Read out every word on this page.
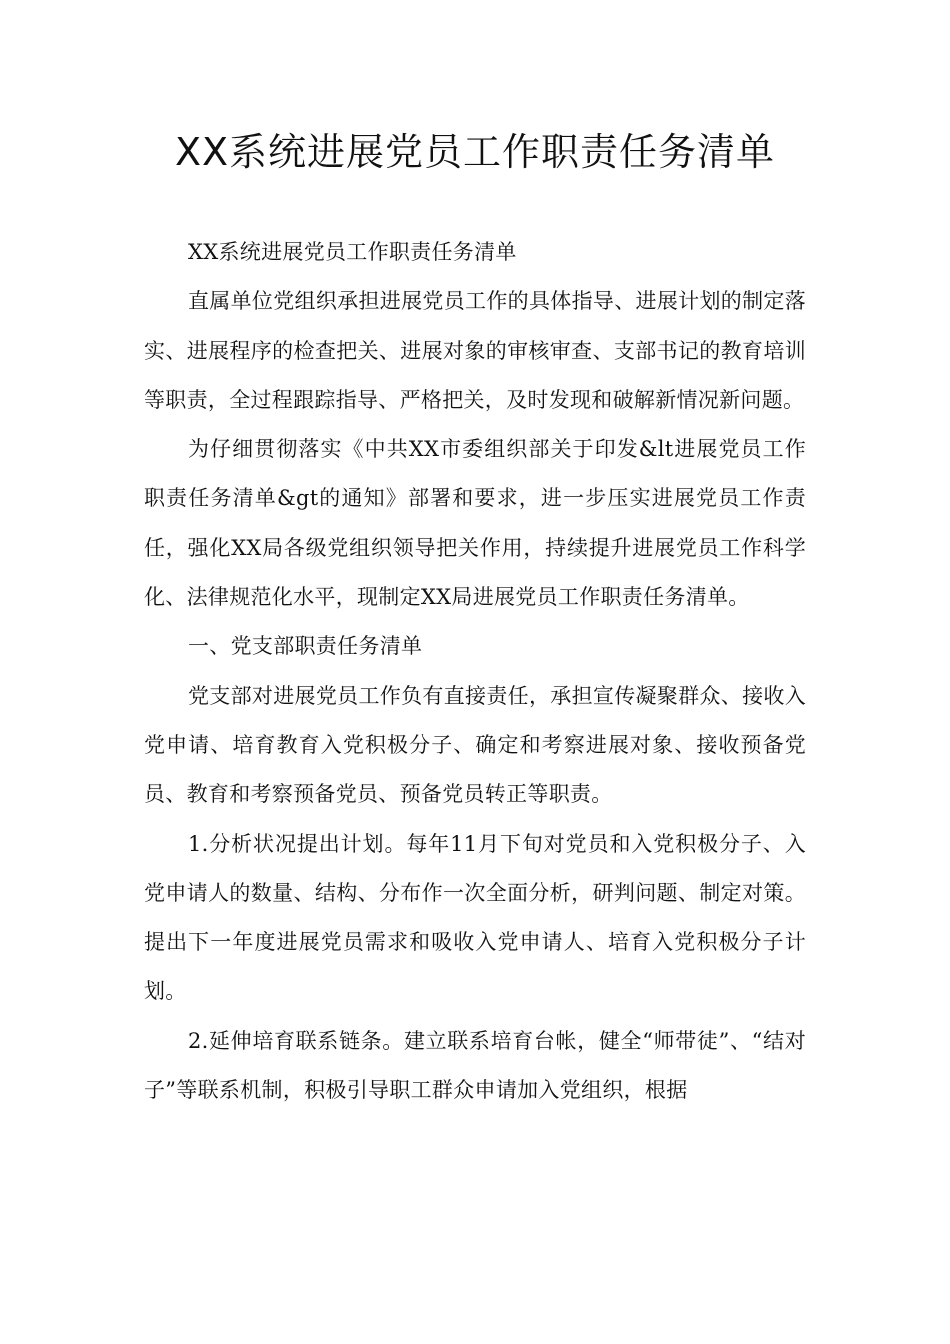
XX系统进展党员工作职责任务清单

XX系统进展党员工作职责任务清单

直属单位党组织承担进展党员工作的具体指导、进展计划的制定落实、进展程序的检查把关、进展对象的审核审查、支部书记的教育培训等职责，全过程跟踪指导、严格把关，及时发现和破解新情况新问题。

为仔细贯彻落实《中共XX市委组织部关于印发&lt进展党员工作职责任务清单&gt的通知》部署和要求，进一步压实进展党员工作责任，强化XX局各级党组织领导把关作用，持续提升进展党员工作科学化、法律规范化水平，现制定XX局进展党员工作职责任务清单。

一、党支部职责任务清单

党支部对进展党员工作负有直接责任，承担宣传凝聚群众、接收入党申请、培育教育入党积极分子、确定和考察进展对象、接收预备党员、教育和考察预备党员、预备党员转正等职责。

1.分析状况提出计划。每年11月下旬对党员和入党积极分子、入党申请人的数量、结构、分布作一次全面分析，研判问题、制定对策。提出下一年度进展党员需求和吸收入党申请人、培育入党积极分子计划。

2.延伸培育联系链条。建立联系培育台帐，健全“师带徒”、“结对子”等联系机制，积极引导职工群众申请加入党组织，根据
